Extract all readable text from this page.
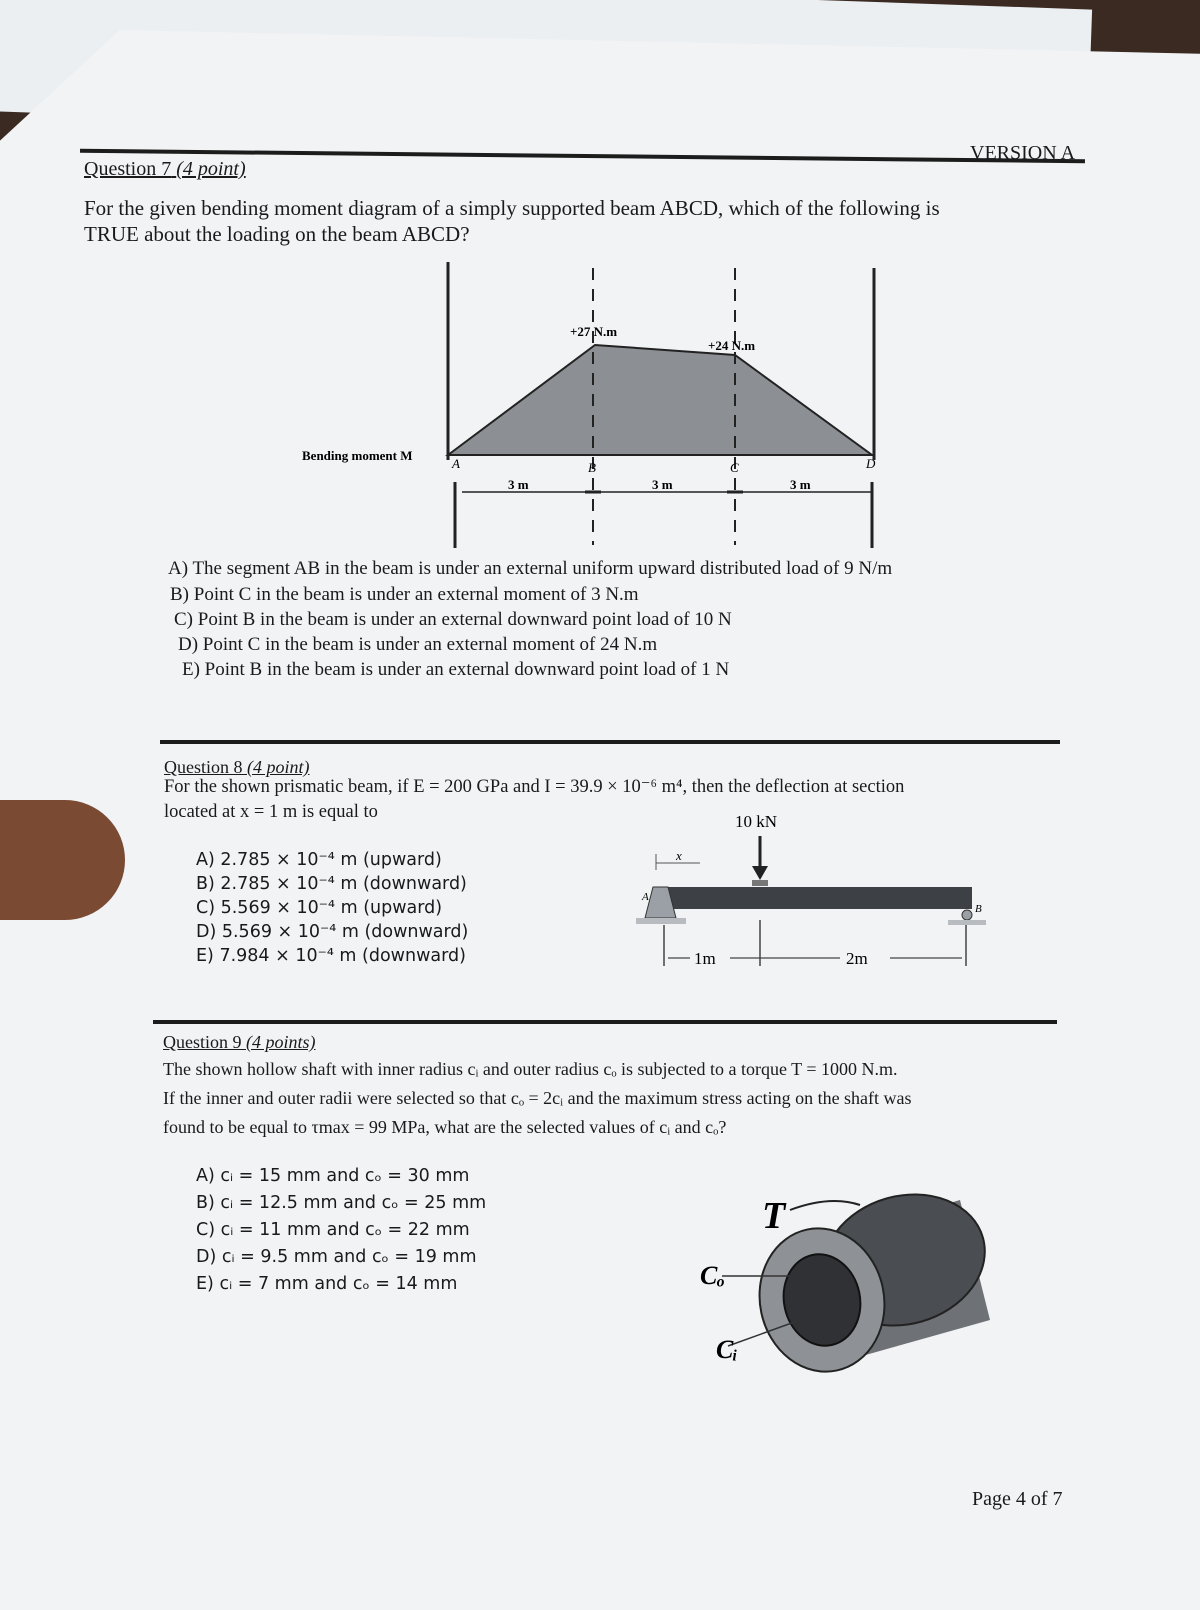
VERSION A
Question 7 (4 point)
For the given bending moment diagram of a simply supported beam ABCD, which of the following is
TRUE about the loading on the beam ABCD?
Bending moment M
+27 N.m
+24 N.m
A	B	C	D
3 m	3 m	3 m
A) The segment AB in the beam is under an external uniform upward distributed load of 9 N/m
B) Point C in the beam is under an external moment of 3 N.m
C) Point B in the beam is under an external downward point load of 10 N
D) Point C in the beam is under an external moment of 24 N.m
E) Point B in the beam is under an external downward point load of 1 N
Question 8 (4 point)
For the shown prismatic beam, if E = 200 GPa and I = 39.9 × 10⁻⁶ m⁴, then the deflection at section
located at x = 1 m is equal to	10 kN
x
A
B
1m	2m
A) 2.785 × 10⁻⁴ m (upward)
B) 2.785 × 10⁻⁴ m (downward)
C) 5.569 × 10⁻⁴ m (upward)
D) 5.569 × 10⁻⁴ m (downward)
E) 7.984 × 10⁻⁴ m (downward)
Question 9 (4 points)
The shown hollow shaft with inner radius cᵢ and outer radius cₒ is subjected to a torque T = 1000 N.m.
If the inner and outer radii were selected so that cₒ = 2cᵢ and the maximum stress acting on the shaft was
found to be equal to τmax = 99 MPa, what are the selected values of cᵢ and cₒ?
A) cᵢ = 15 mm and cₒ = 30 mm
B) cᵢ = 12.5 mm and cₒ = 25 mm
C) cᵢ = 11 mm and cₒ = 22 mm
D) cᵢ = 9.5 mm and cₒ = 19 mm
E) cᵢ = 7 mm and cₒ = 14 mm
T
Cₒ
Cᵢ
Page 4 of 7
